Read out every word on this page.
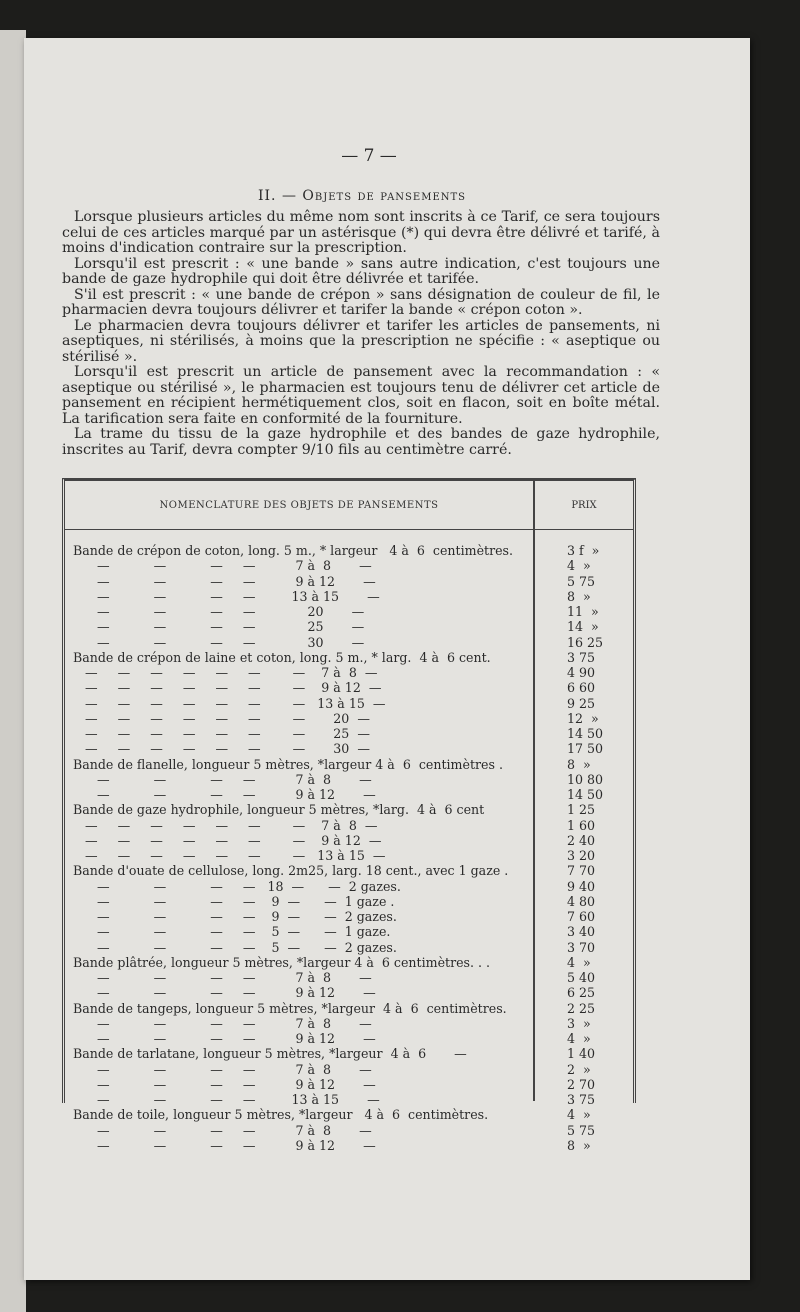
— 7 —
II. — Objets de pansements

Lorsque plusieurs articles du même nom sont inscrits à ce Tarif, ce sera toujours celui de ces articles marqué par un astérisque (*) qui devra être délivré et tarifé, à moins d'indication contraire sur la prescription.

Lorsqu'il est prescrit : « une bande » sans autre indication, c'est toujours une bande de gaze hydrophile qui doit être délivrée et tarifée.

S'il est prescrit : « une bande de crépon » sans désignation de couleur de fil, le pharmacien devra toujours délivrer et tarifer la bande « crépon coton ».

Le pharmacien devra toujours délivrer et tarifer les articles de pansements, ni aseptiques, ni stérilisés, à moins que la prescription ne spécifie : « aseptique ou stérilisé ».

Lorsqu'il est prescrit un article de pansement avec la recommandation : « aseptique ou stérilisé », le pharmacien est toujours tenu de délivrer cet article de pansement en récipient hermétiquement clos, soit en flacon, soit en boîte métal. La tarification sera faite en conformité de la fourniture.

La trame du tissu de la gaze hydrophile et des bandes de gaze hydrophile, inscrites au Tarif, devra compter 9/10 fils au centimètre carré.

NOMENCLATURE DES OBJETS DE PANSEMENTS	PRIX
Bande de crépon de coton, long. 5 m., * largeur   4 à  6  centimètres.	3 f  »
—           —           —     —          7 à  8       —	4  »
—           —           —     —          9 à 12       —	5 75
—           —           —     —         13 à 15       —	8  »
—           —           —     —             20       —	11  »
—           —           —     —             25       —	14  »
—           —           —     —             30       —	16 25
Bande de crépon de laine et coton, long. 5 m., * larg.  4 à  6 cent.	3 75
—     —     —     —     —     —        —    7 à  8  —	4 90
—     —     —     —     —     —        —    9 à 12  —	6 60
—     —     —     —     —     —        —   13 à 15  —	9 25
—     —     —     —     —     —        —       20  —	12  »
—     —     —     —     —     —        —       25  —	14 50
—     —     —     —     —     —        —       30  —	17 50
Bande de flanelle, longueur 5 mètres, *largeur 4 à  6  centimètres .	8  »
—           —           —     —          7 à  8       —	10 80
—           —           —     —          9 à 12       —	14 50
Bande de gaze hydrophile, longueur 5 mètres, *larg.  4 à  6 cent	1 25
—     —     —     —     —     —        —    7 à  8  —	1 60
—     —     —     —     —     —        —    9 à 12  —	2 40
—     —     —     —     —     —        —   13 à 15  —	3 20
Bande d'ouate de cellulose, long. 2m25, larg. 18 cent., avec 1 gaze .	7 70
—           —           —     —   18  —      —  2 gazes.	9 40
—           —           —     —    9  —      —  1 gaze .	4 80
—           —           —     —    9  —      —  2 gazes.	7 60
—           —           —     —    5  —      —  1 gaze.	3 40
—           —           —     —    5  —      —  2 gazes.	3 70
Bande plâtrée, longueur 5 mètres, *largeur 4 à  6 centimètres. . .	4  »
—           —           —     —          7 à  8       —	5 40
—           —           —     —          9 à 12       —	6 25
Bande de tangeps, longueur 5 mètres, *largeur  4 à  6  centimètres.	2 25
—           —           —     —          7 à  8       —	3  »
—           —           —     —          9 à 12       —	4  »
Bande de tarlatane, longueur 5 mètres, *largeur  4 à  6       —	1 40
—           —           —     —          7 à  8       —	2  »
—           —           —     —          9 à 12       —	2 70
—           —           —     —         13 à 15       —	3 75
Bande de toile, longueur 5 mètres, *largeur   4 à  6  centimètres.	4  »
—           —           —     —          7 à  8       —	5 75
—           —           —     —          9 à 12       —	8  »
